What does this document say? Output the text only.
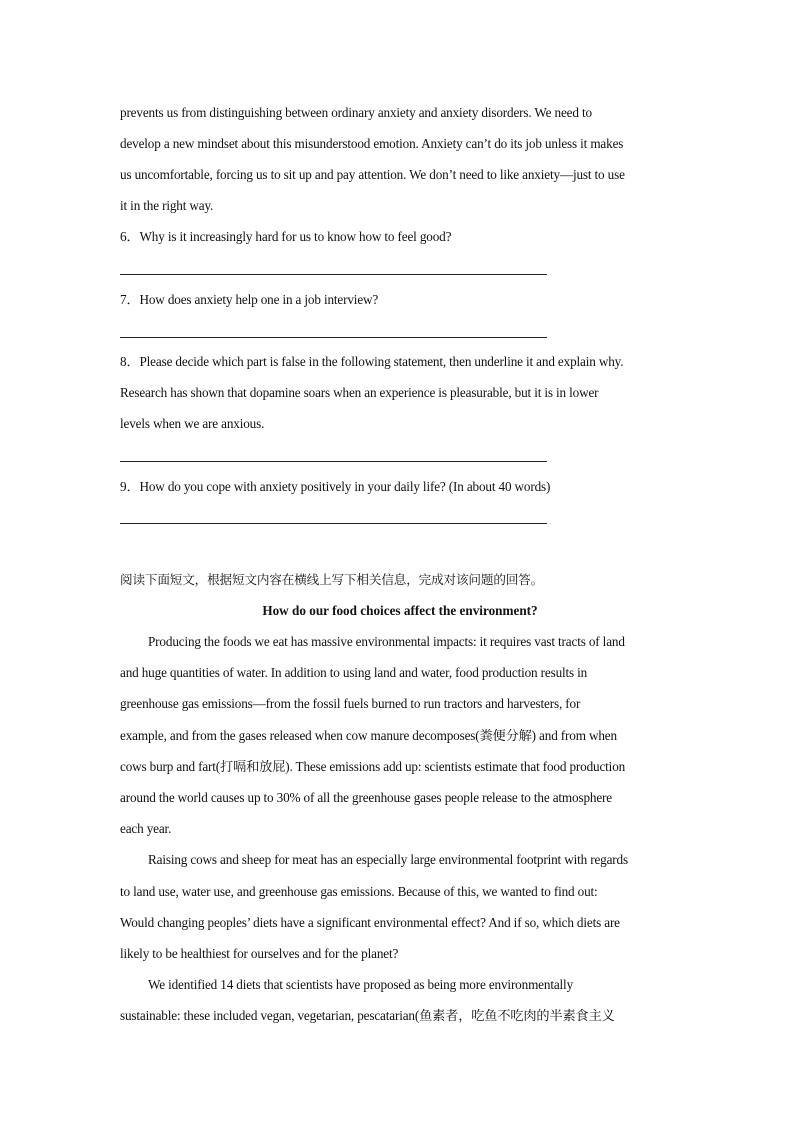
prevents us from distinguishing between ordinary anxiety and anxiety disorders. We need to
develop a new mindset about this misunderstood emotion. Anxiety can’t do its job unless it makes
us uncomfortable, forcing us to sit up and pay attention. We don’t need to like anxiety—just to use
it in the right way.
6．Why is it increasingly hard for us to know how to feel good?
7．How does anxiety help one in a job interview?
8．Please decide which part is false in the following statement, then underline it and explain why.
Research has shown that dopamine soars when an experience is pleasurable, but it is in lower
levels when we are anxious.
9．How do you cope with anxiety positively in your daily life? (In about 40 words)
阅读下面短文，根据短文内容在横线上写下相关信息，完成对该问题的回答。
How do our food choices affect the environment?
Producing the foods we eat has massive environmental impacts: it requires vast tracts of land
and huge quantities of water. In addition to using land and water, food production results in
greenhouse gas emissions—from the fossil fuels burned to run tractors and harvesters, for
example, and from the gases released when cow manure decomposes(粪便分解) and from when
cows burp and fart(打嗝和放屁). These emissions add up: scientists estimate that food production
around the world causes up to 30% of all the greenhouse gases people release to the atmosphere
each year.
Raising cows and sheep for meat has an especially large environmental footprint with regards
to land use, water use, and greenhouse gas emissions. Because of this, we wanted to find out:
Would changing peoples’ diets have a significant environmental effect? And if so, which diets are
likely to be healthiest for ourselves and for the planet?
We identified 14 diets that scientists have proposed as being more environmentally
sustainable: these included vegan, vegetarian, pescatarian(鱼素者，吃鱼不吃肉的半素食主义
